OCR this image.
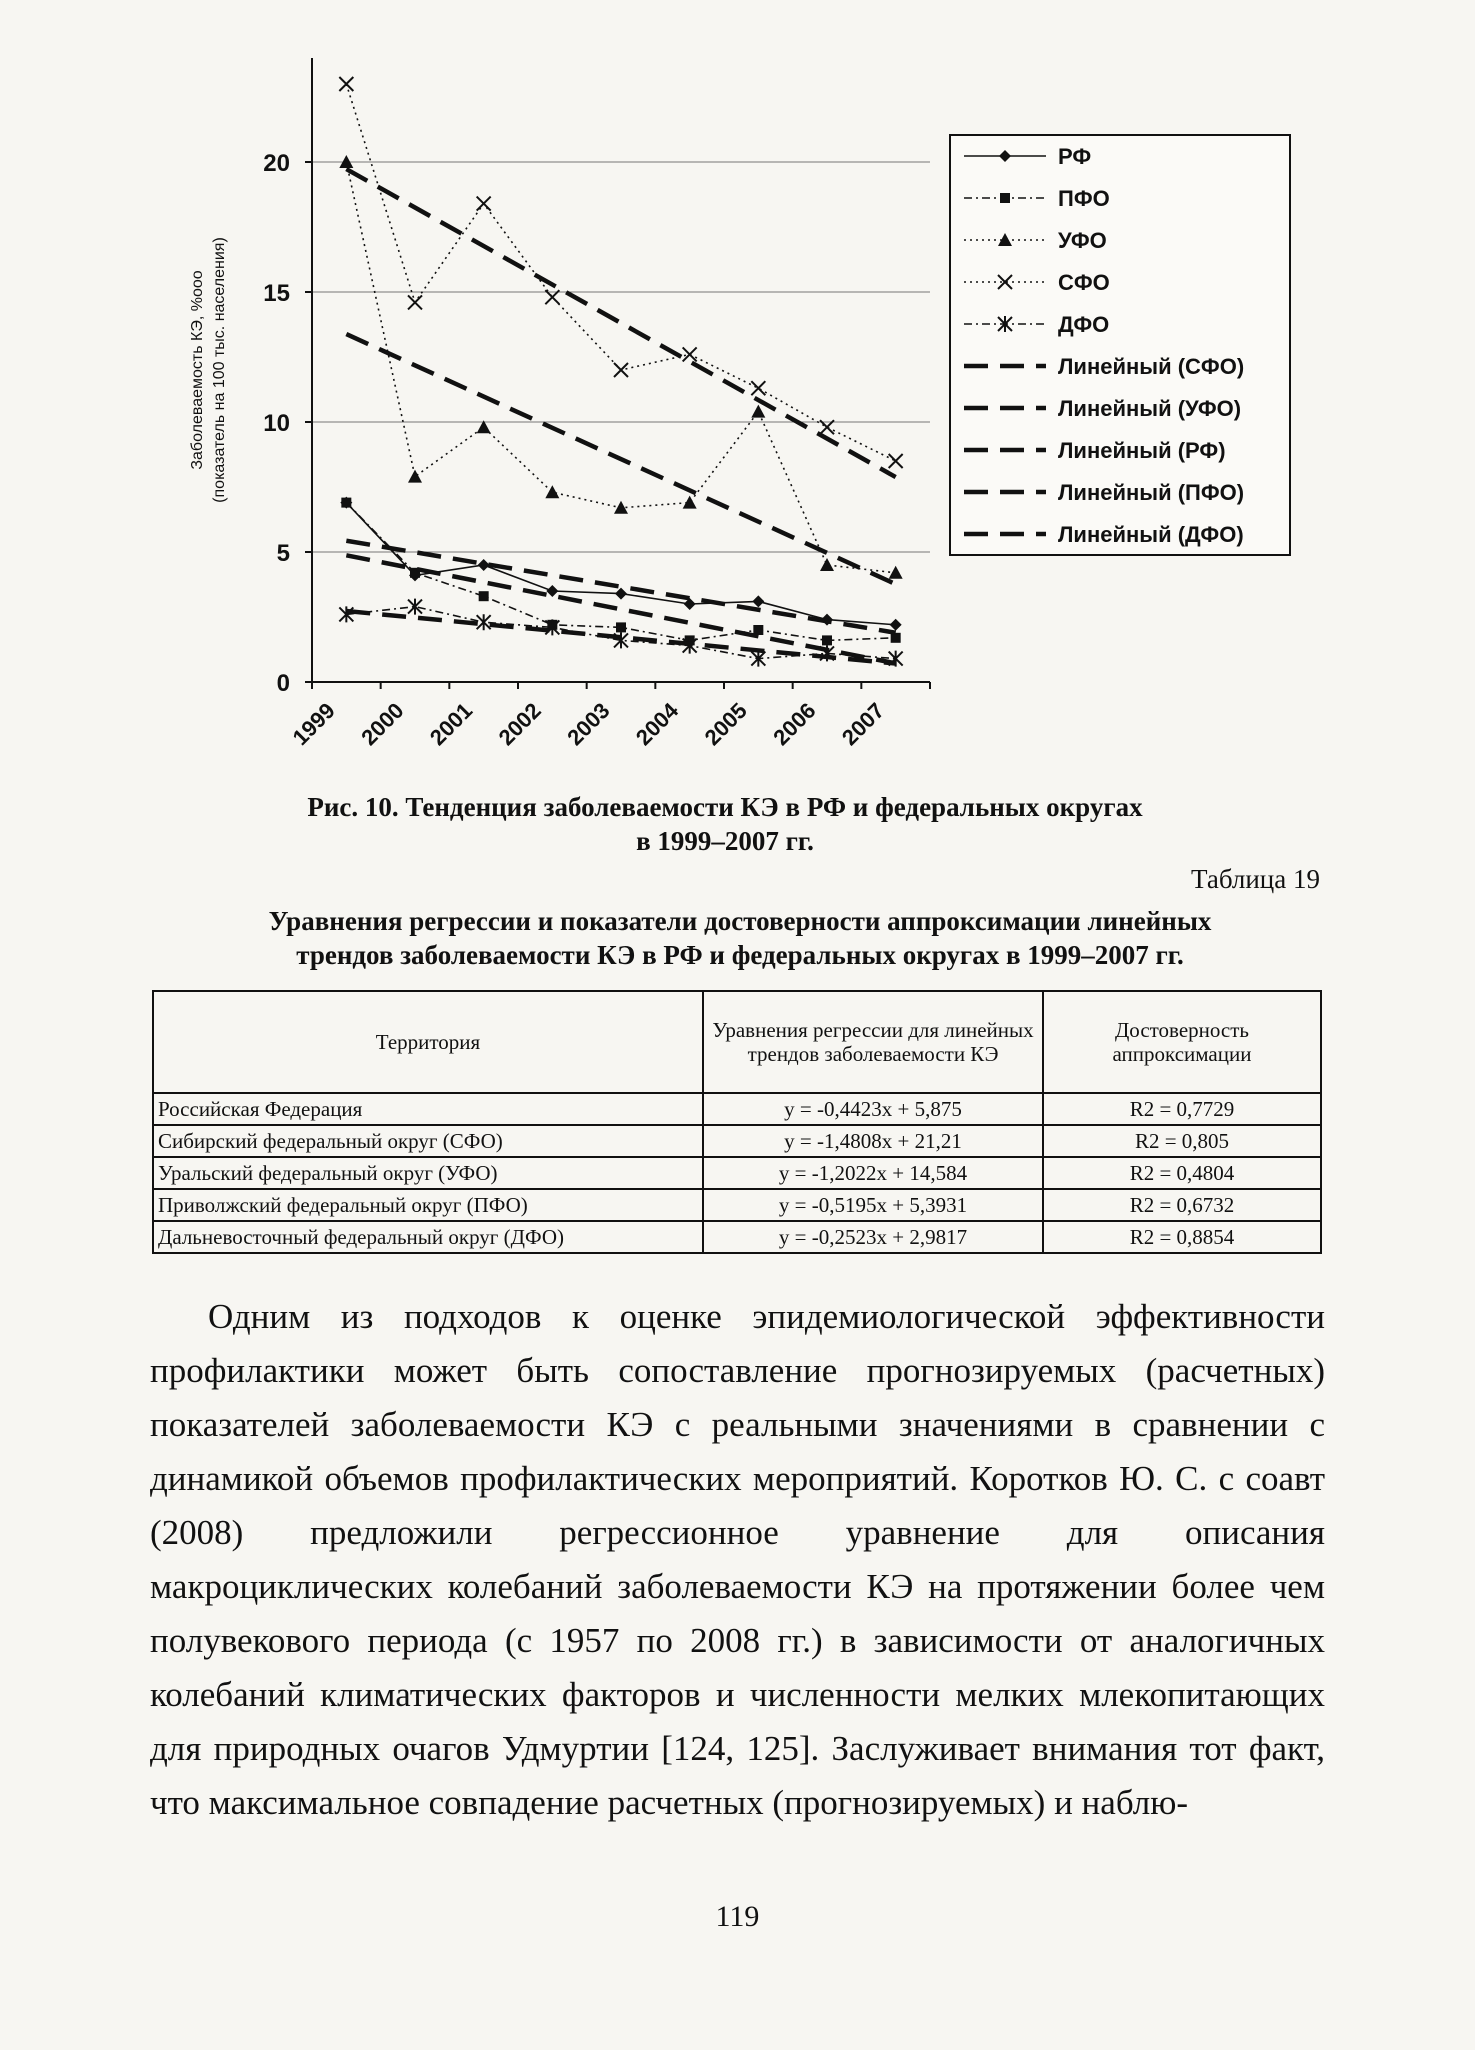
0
5
10
15
20
1999 2000 2001 2002 2003 2004 2005 2006 2007
Заболеваемость КЭ, %ооо (показатель на 100 тыс. населения)
РФ
ПФО
УФО
СФО
ДФО
Линейный (СФО)
Линейный (УФО)
Линейный (РФ)
Линейный (ПФО)
Линейный (ДФО)
Рис. 10. Тенденция заболеваемости КЭ в РФ и федеральных округах
в 1999–2007 гг.
Таблица 19
Уравнения регрессии и показатели достоверности аппроксимации линейных
трендов заболеваемости КЭ в РФ и федеральных округах в 1999–2007 гг.
Территория	Уравнения регрессии для линейных трендов заболеваемости КЭ	Достоверность аппроксимации
Российская Федерация	y = -0,4423x + 5,875	R2 = 0,7729
Сибирский федеральный округ (СФО)	y = -1,4808x + 21,21	R2 = 0,805
Уральский федеральный округ (УФО)	y = -1,2022x + 14,584	R2 = 0,4804
Приволжский федеральный округ (ПФО)	y = -0,5195x + 5,3931	R2 = 0,6732
Дальневосточный федеральный округ (ДФО)	y = -0,2523x + 2,9817	R2 = 0,8854

Одним из подходов к оценке эпидемиологической эффективности профилактики может быть сопоставление прогнозируемых (расчетных) показателей заболеваемости КЭ с реальными значениями в сравнении с динамикой объемов профилактических мероприятий. Коротков Ю. С. с соавт (2008) предложили регрессионное уравнение для описания макроциклических колебаний заболеваемости КЭ на протяжении более чем полувекового периода (с 1957 по 2008 гг.) в зависимости от аналогичных колебаний климатических факторов и численности мелких млекопитающих для природных очагов Удмуртии [124, 125]. Заслуживает внимания тот факт, что максимальное совпадение расчетных (прогнозируемых) и наблю-

119
